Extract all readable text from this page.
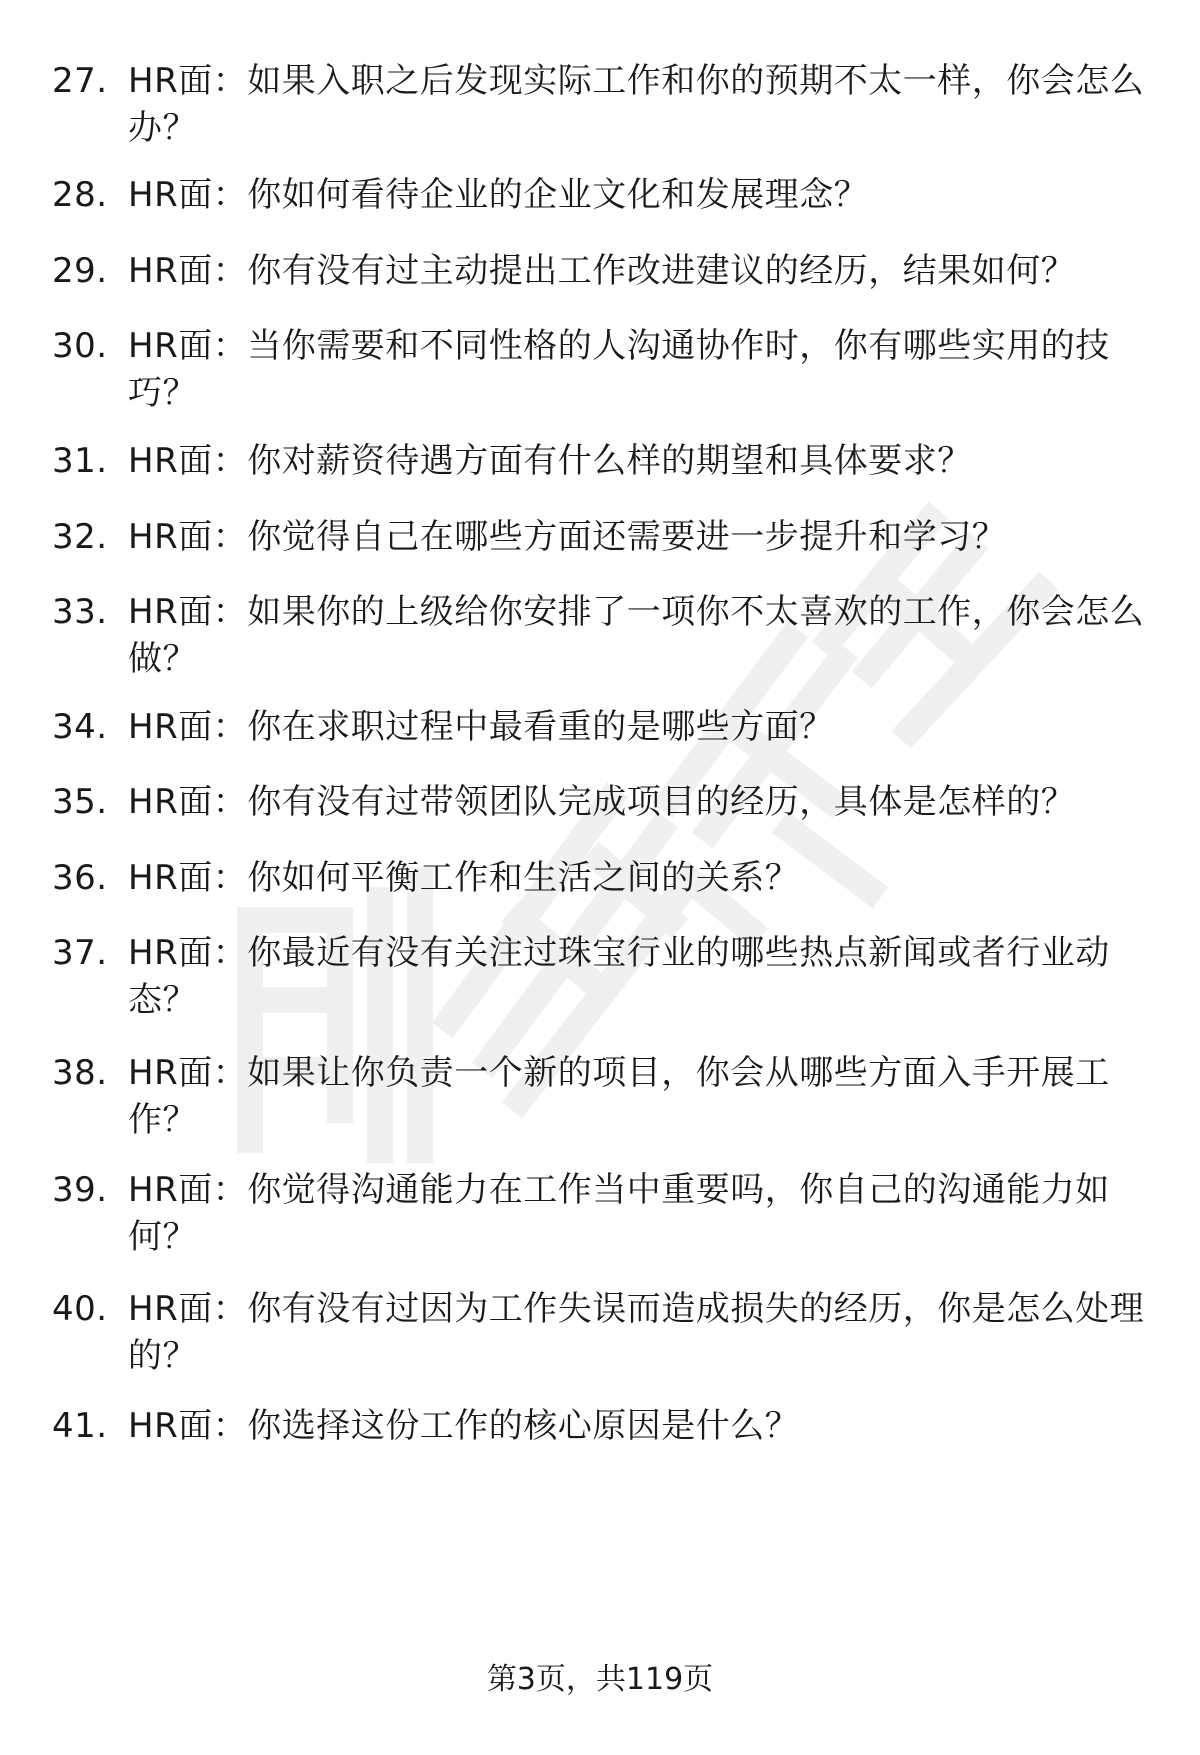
27. HR面：如果入职之后发现实际工作和你的预期不太一样，你会怎么办？
28. HR面：你如何看待企业的企业文化和发展理念？
29. HR面：你有没有过主动提出工作改进建议的经历，结果如何？
30. HR面：当你需要和不同性格的人沟通协作时，你有哪些实用的技巧？
31. HR面：你对薪资待遇方面有什么样的期望和具体要求？
32. HR面：你觉得自己在哪些方面还需要进一步提升和学习？
33. HR面：如果你的上级给你安排了一项你不太喜欢的工作，你会怎么做？
34. HR面：你在求职过程中最看重的是哪些方面？
35. HR面：你有没有过带领团队完成项目的经历，具体是怎样的？
36. HR面：你如何平衡工作和生活之间的关系？
37. HR面：你最近有没有关注过珠宝行业的哪些热点新闻或者行业动态？
38. HR面：如果让你负责一个新的项目，你会从哪些方面入手开展工作？
39. HR面：你觉得沟通能力在工作当中重要吗，你自己的沟通能力如何？
40. HR面：你有没有过因为工作失误而造成损失的经历，你是怎么处理的？
41. HR面：你选择这份工作的核心原因是什么？
第3页，共119页
